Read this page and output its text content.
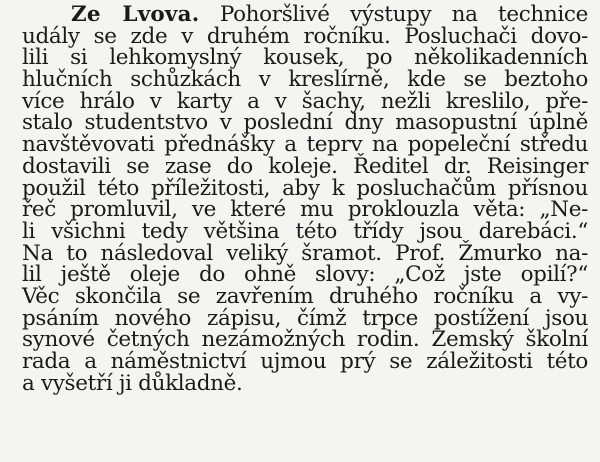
Ze Lvova. Pohoršlivé výstupy na technice
udály se zde v druhém ročníku. Posluchači dovo-
lili si lehkomyslný kousek, po několikadenních
hlučních schůzkách v kreslírně, kde se beztoho
více hrálo v karty a v šachy, nežli kreslilo, pře-
stalo studentstvo v poslední dny masopustní úplně
navštěvovati přednášky a teprv na popeleční středu
dostavili se zase do koleje. Ředitel dr. Reisinger
použil této příležitosti, aby k posluchačům přísnou
řeč promluvil, ve které mu proklouzla věta: „Ne-
li všichni tedy většina této třídy jsou darebáci.“
Na to následoval veliký šramot. Prof. Žmurko na-
lil ještě oleje do ohně slovy: „Což jste opilí?“
Věc skončila se zavřením druhého ročníku a vy-
psáním nového zápisu, čímž trpce postížení jsou
synové četných nezámožných rodin. Zemský školní
rada a náměstnictví ujmou prý se záležitosti této
a vyšetří ji důkladně.
